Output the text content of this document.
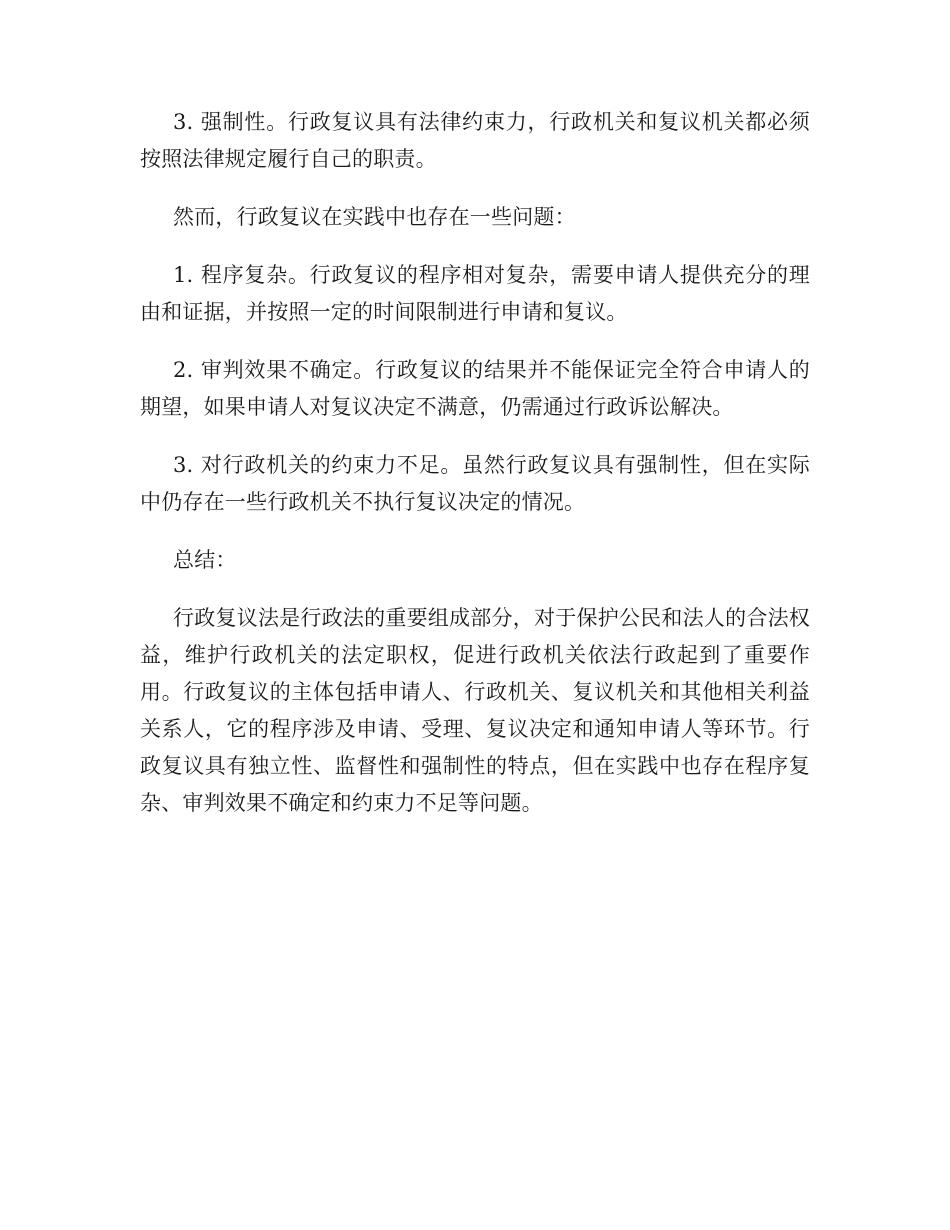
3. 强制性。行政复议具有法律约束力，行政机关和复议机关都必须按照法律规定履行自己的职责。

然而，行政复议在实践中也存在一些问题：

1. 程序复杂。行政复议的程序相对复杂，需要申请人提供充分的理由和证据，并按照一定的时间限制进行申请和复议。

2. 审判效果不确定。行政复议的结果并不能保证完全符合申请人的期望，如果申请人对复议决定不满意，仍需通过行政诉讼解决。

3. 对行政机关的约束力不足。虽然行政复议具有强制性，但在实际中仍存在一些行政机关不执行复议决定的情况。

总结：

行政复议法是行政法的重要组成部分，对于保护公民和法人的合法权益，维护行政机关的法定职权，促进行政机关依法行政起到了重要作用。行政复议的主体包括申请人、行政机关、复议机关和其他相关利益关系人，它的程序涉及申请、受理、复议决定和通知申请人等环节。行政复议具有独立性、监督性和强制性的特点，但在实践中也存在程序复杂、审判效果不确定和约束力不足等问题。
